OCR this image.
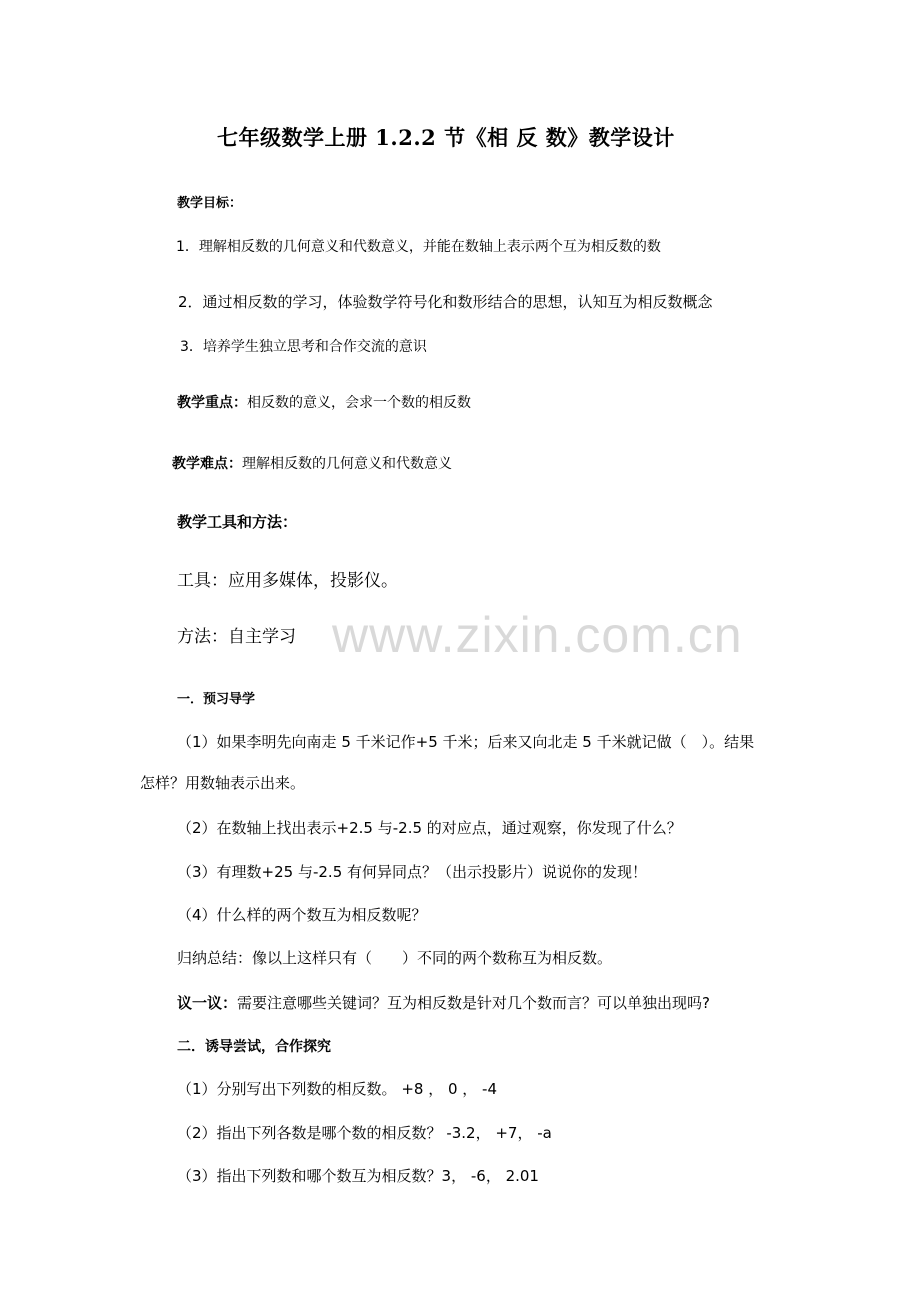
七年级数学上册 1.2.2 节《相 反 数》教学设计
教学目标：
1．理解相反数的几何意义和代数意义，并能在数轴上表示两个互为相反数的数
2．通过相反数的学习，体验数学符号化和数形结合的思想，认知互为相反数概念
3．培养学生独立思考和合作交流的意识
教学重点：相反数的意义，会求一个数的相反数
教学难点：理解相反数的几何意义和代数意义
教学工具和方法：
工具：应用多媒体，投影仪。
方法：自主学习 www.zixin.com.cn
一．预习导学
（1）如果李明先向南走 5 千米记作+5 千米；后来又向北走 5 千米就记做（　）。结果
怎样？用数轴表示出来。
（2）在数轴上找出表示+2.5 与-2.5 的对应点，通过观察，你发现了什么？
（3）有理数+25 与-2.5 有何异同点？（出示投影片）说说你的发现！
（4）什么样的两个数互为相反数呢？
归纳总结：像以上这样只有（　　）不同的两个数称互为相反数。
议一议：需要注意哪些关键词？互为相反数是针对几个数而言？可以单独出现吗?
二．诱导尝试，合作探究
（1）分别写出下列数的相反数。 +8 ， 0 ， -4
（2）指出下列各数是哪个数的相反数？ -3.2， +7， -a
（3）指出下列数和哪个数互为相反数？3， -6， 2.01
